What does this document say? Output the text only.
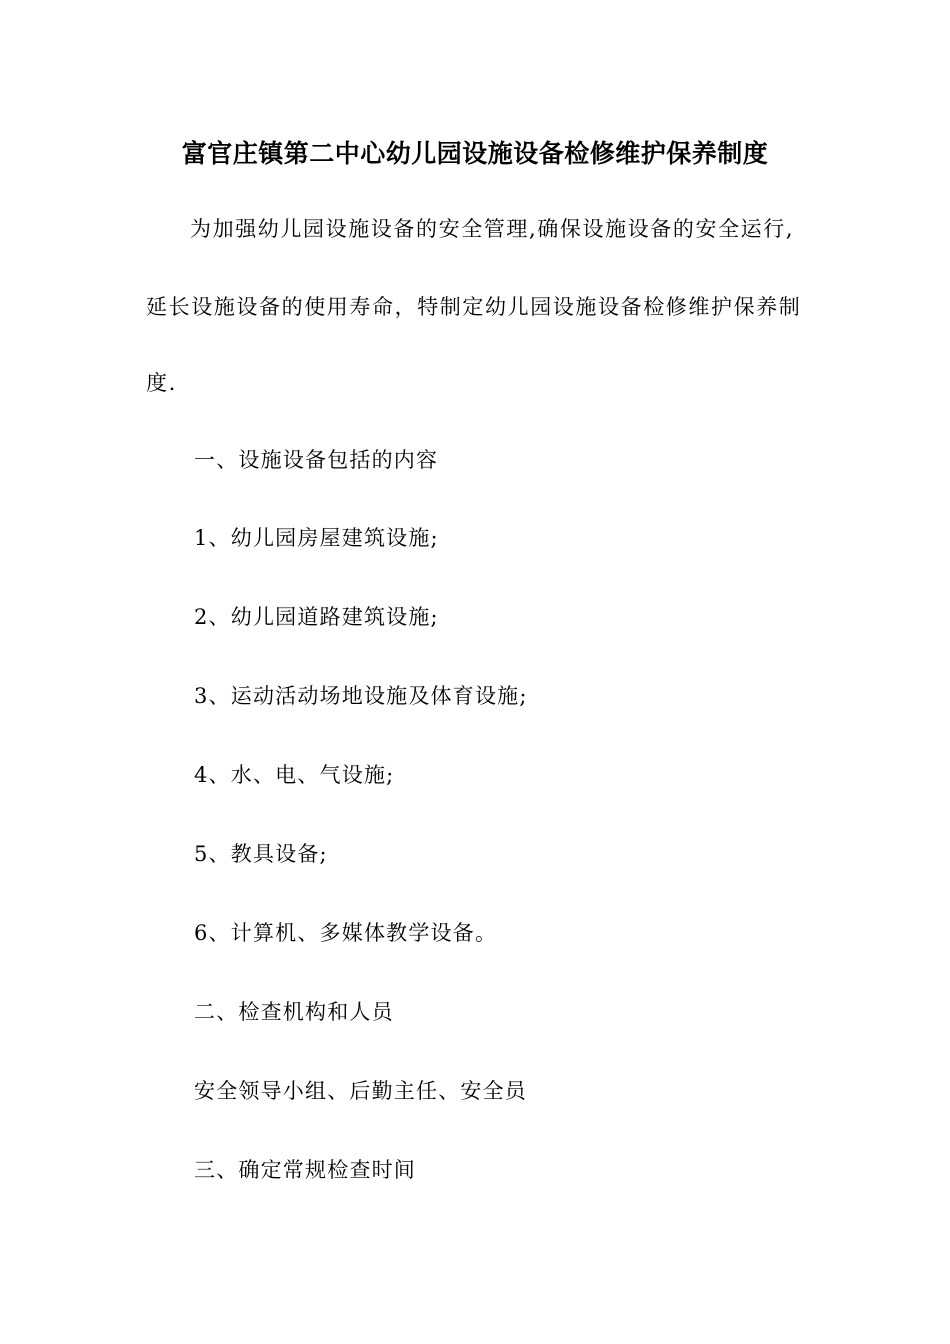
富官庄镇第二中心幼儿园设施设备检修维护保养制度
为加强幼儿园设施设备的安全管理,确保设施设备的安全运行,
延长设施设备的使用寿命，特制定幼儿园设施设备检修维护保养制
度.
一、设施设备包括的内容
1、幼儿园房屋建筑设施;
2、幼儿园道路建筑设施;
3、运动活动场地设施及体育设施;
4、水、电、气设施;
5、教具设备;
6、计算机、多媒体教学设备。
二、检查机构和人员
安全领导小组、后勤主任、安全员
三、确定常规检查时间
